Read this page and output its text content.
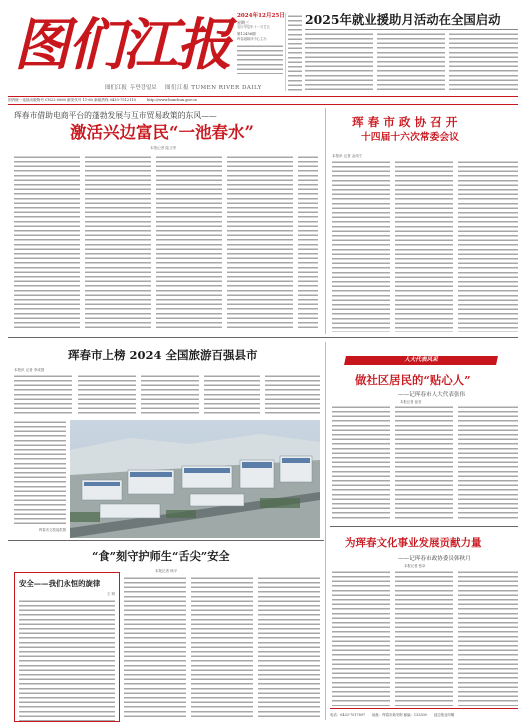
图们江报
두만강일보 图们江报 TUMEN RIVER DAILY
图们江报
2024年12月25日
星期三
农历甲辰年十一月廿五
第12456期
珲春融媒体中心主办
2025年就业援助月活动在全国启动
国内统一连续出版物号 CN22-0060 邮发代号 11-60 新闻热线 0433-7512110	http://www.hunchun.gov.cn
珲春市借助电商平台的蓬勃发展与互市贸易政策的东风——
激活兴边富民“一池春水”
本报记者 陆文军
珲 春 市 政 协 召 开
十四届十六次常委会议
本报讯 记者 金伟宁
珲春市上榜 2024 全国旅游百强县市
本报讯 记者 李成国
珲春市文旅局供图
人大代表风采
做社区居民的“贴心人”
——记珲春市人大代表张伟
本报记者 崔莹
为珲春文化事业发展贡献力量
——记珲春市政协委员韩秋月
本报记者 张卓
“食”刻守护师生“舌尖”安全
本报记者 杨平
安全——我们永恒的旋律
王 明
电话：0433-7517897 地址：珲春市新安街 邮编：133300 延边报业印刷
